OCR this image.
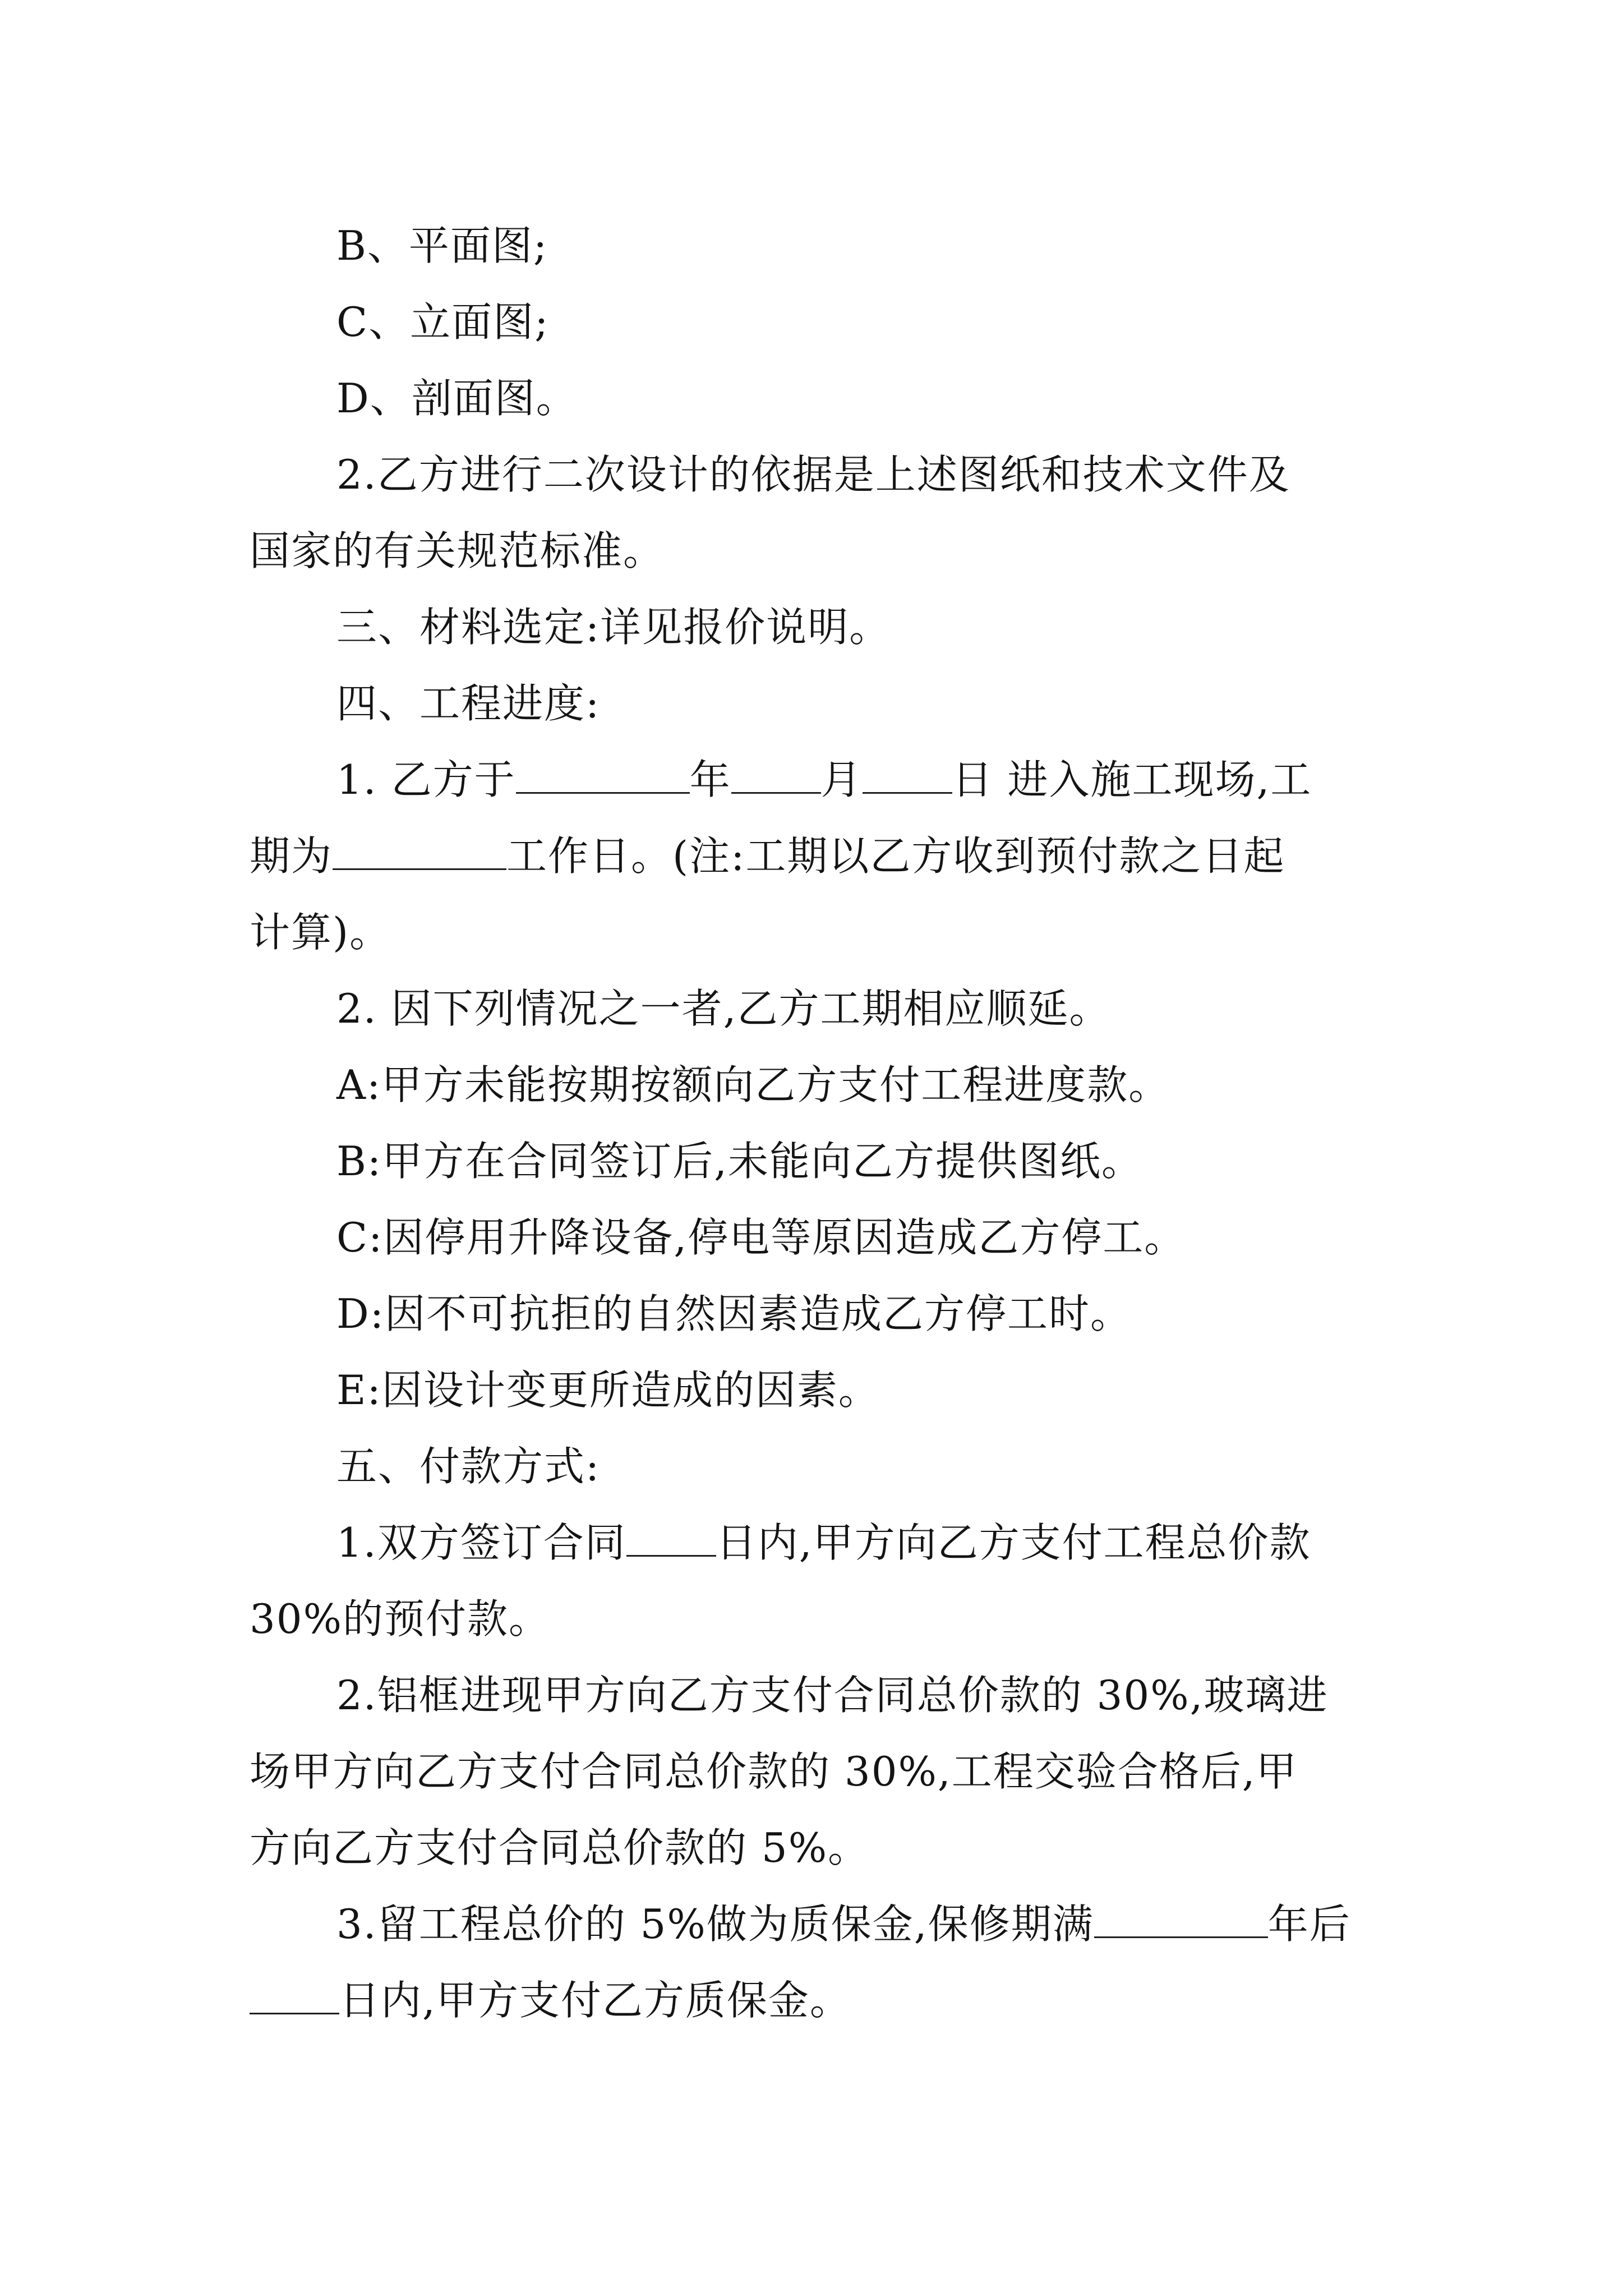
B、平面图;
C、立面图;
D、剖面图。
2.乙方进行二次设计的依据是上述图纸和技术文件及
国家的有关规范标准。
三、材料选定:详见报价说明。
四、工程进度:
1. 乙方于	年 月 日 进入施工现场,工
期为	工作日。(注:工期以乙方收到预付款之日起
计算)。
2. 因下列情况之一者,乙方工期相应顺延。
A:甲方未能按期按额向乙方支付工程进度款。
B:甲方在合同签订后,未能向乙方提供图纸。
C:因停用升降设备,停电等原因造成乙方停工。
D:因不可抗拒的自然因素造成乙方停工时。
E:因设计变更所造成的因素。
五、付款方式:
1.双方签订合同 日内,甲方向乙方支付工程总价款
30%的预付款。
2.铝框进现甲方向乙方支付合同总价款的 30%,玻璃进
场甲方向乙方支付合同总价款的 30%,工程交验合格后,甲
方向乙方支付合同总价款的 5%。
3.留工程总价的 5%做为质保金,保修期满	年后
日内,甲方支付乙方质保金。
